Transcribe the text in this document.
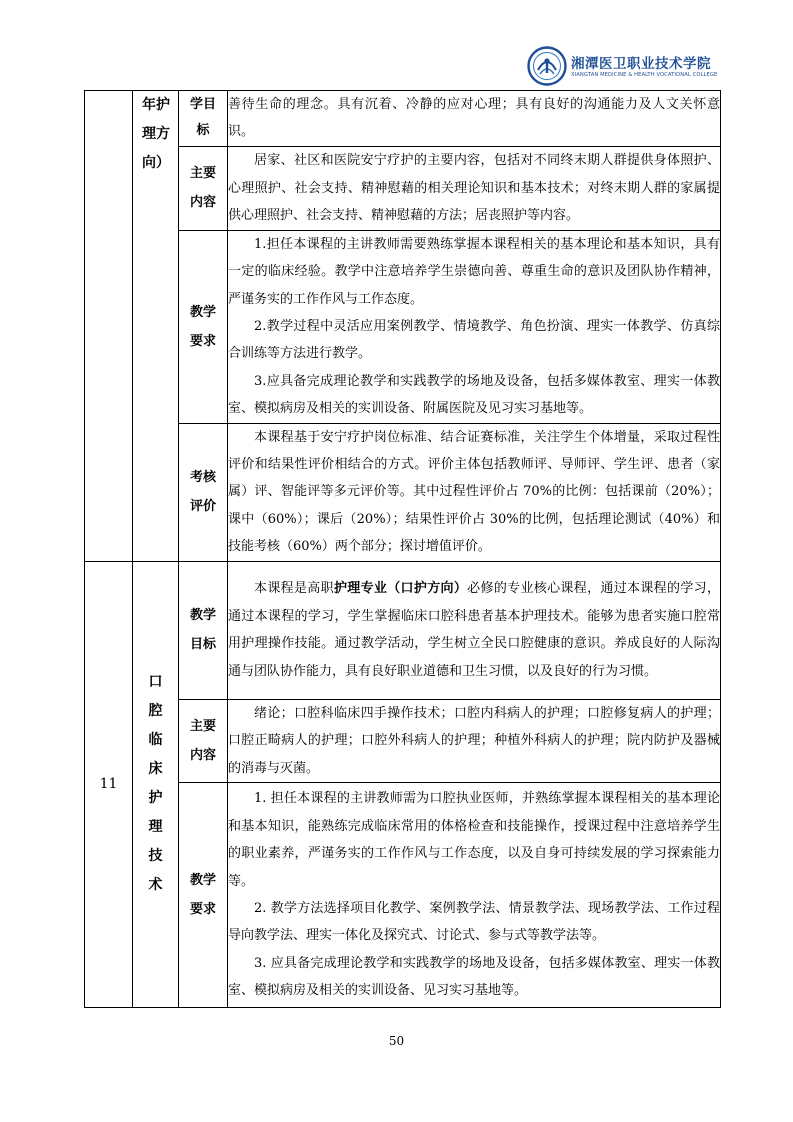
湘潭医卫职业技术学院
XIANGTAN MEDICINE & HEALTH VOCATIONAL COLLEGE

	年护理方向）	学目标	善待生命的理念。具有沉着、冷静的应对心理；具有良好的沟通能力及人文关怀意识。

		主要内容	居家、社区和医院安宁疗护的主要内容，包括对不同终末期人群提供身体照护、心理照护、社会支持、精神慰藉的相关理论知识和基本技术；对终末期人群的家属提供心理照护、社会支持、精神慰藉的方法；居丧照护等内容。

		教学要求	1.担任本课程的主讲教师需要熟练掌握本课程相关的基本理论和基本知识，具有一定的临床经验。教学中注意培养学生崇德向善、尊重生命的意识及团队协作精神，严谨务实的工作作风与工作态度。

2.教学过程中灵活应用案例教学、情境教学、角色扮演、理实一体教学、仿真综合训练等方法进行教学。

3.应具备完成理论教学和实践教学的场地及设备，包括多媒体教室、理实一体教室、模拟病房及相关的实训设备、附属医院及见习实习基地等。

		考核评价	本课程基于安宁疗护岗位标准、结合证赛标准，关注学生个体增量，采取过程性评价和结果性评价相结合的方式。评价主体包括教师评、导师评、学生评、患者（家属）评、智能评等多元评价等。其中过程性评价占 70%的比例：包括课前（20%）；课中（60%）；课后（20%）；结果性评价占 30%的比例，包括理论测试（40%）和技能考核（60%）两个部分；探讨增值评价。

11	口腔临床护理技术	教学目标	本课程是高职护理专业（口护方向）必修的专业核心课程，通过本课程的学习，通过本课程的学习，学生掌握临床口腔科患者基本护理技术。能够为患者实施口腔常用护理操作技能。通过教学活动，学生树立全民口腔健康的意识。养成良好的人际沟通与团队协作能力，具有良好职业道德和卫生习惯，以及良好的行为习惯。

		主要内容	绪论；口腔科临床四手操作技术；口腔内科病人的护理；口腔修复病人的护理；口腔正畸病人的护理；口腔外科病人的护理；种植外科病人的护理；院内防护及器械的消毒与灭菌。

		教学要求	1. 担任本课程的主讲教师需为口腔执业医师，并熟练掌握本课程相关的基本理论和基本知识，能熟练完成临床常用的体格检查和技能操作，授课过程中注意培养学生的职业素养，严谨务实的工作作风与工作态度，以及自身可持续发展的学习探索能力等。

2. 教学方法选择项目化教学、案例教学法、情景教学法、现场教学法、工作过程导向教学法、理实一体化及探究式、讨论式、参与式等教学法等。

3. 应具备完成理论教学和实践教学的场地及设备，包括多媒体教室、理实一体教室、模拟病房及相关的实训设备、见习实习基地等。

50
